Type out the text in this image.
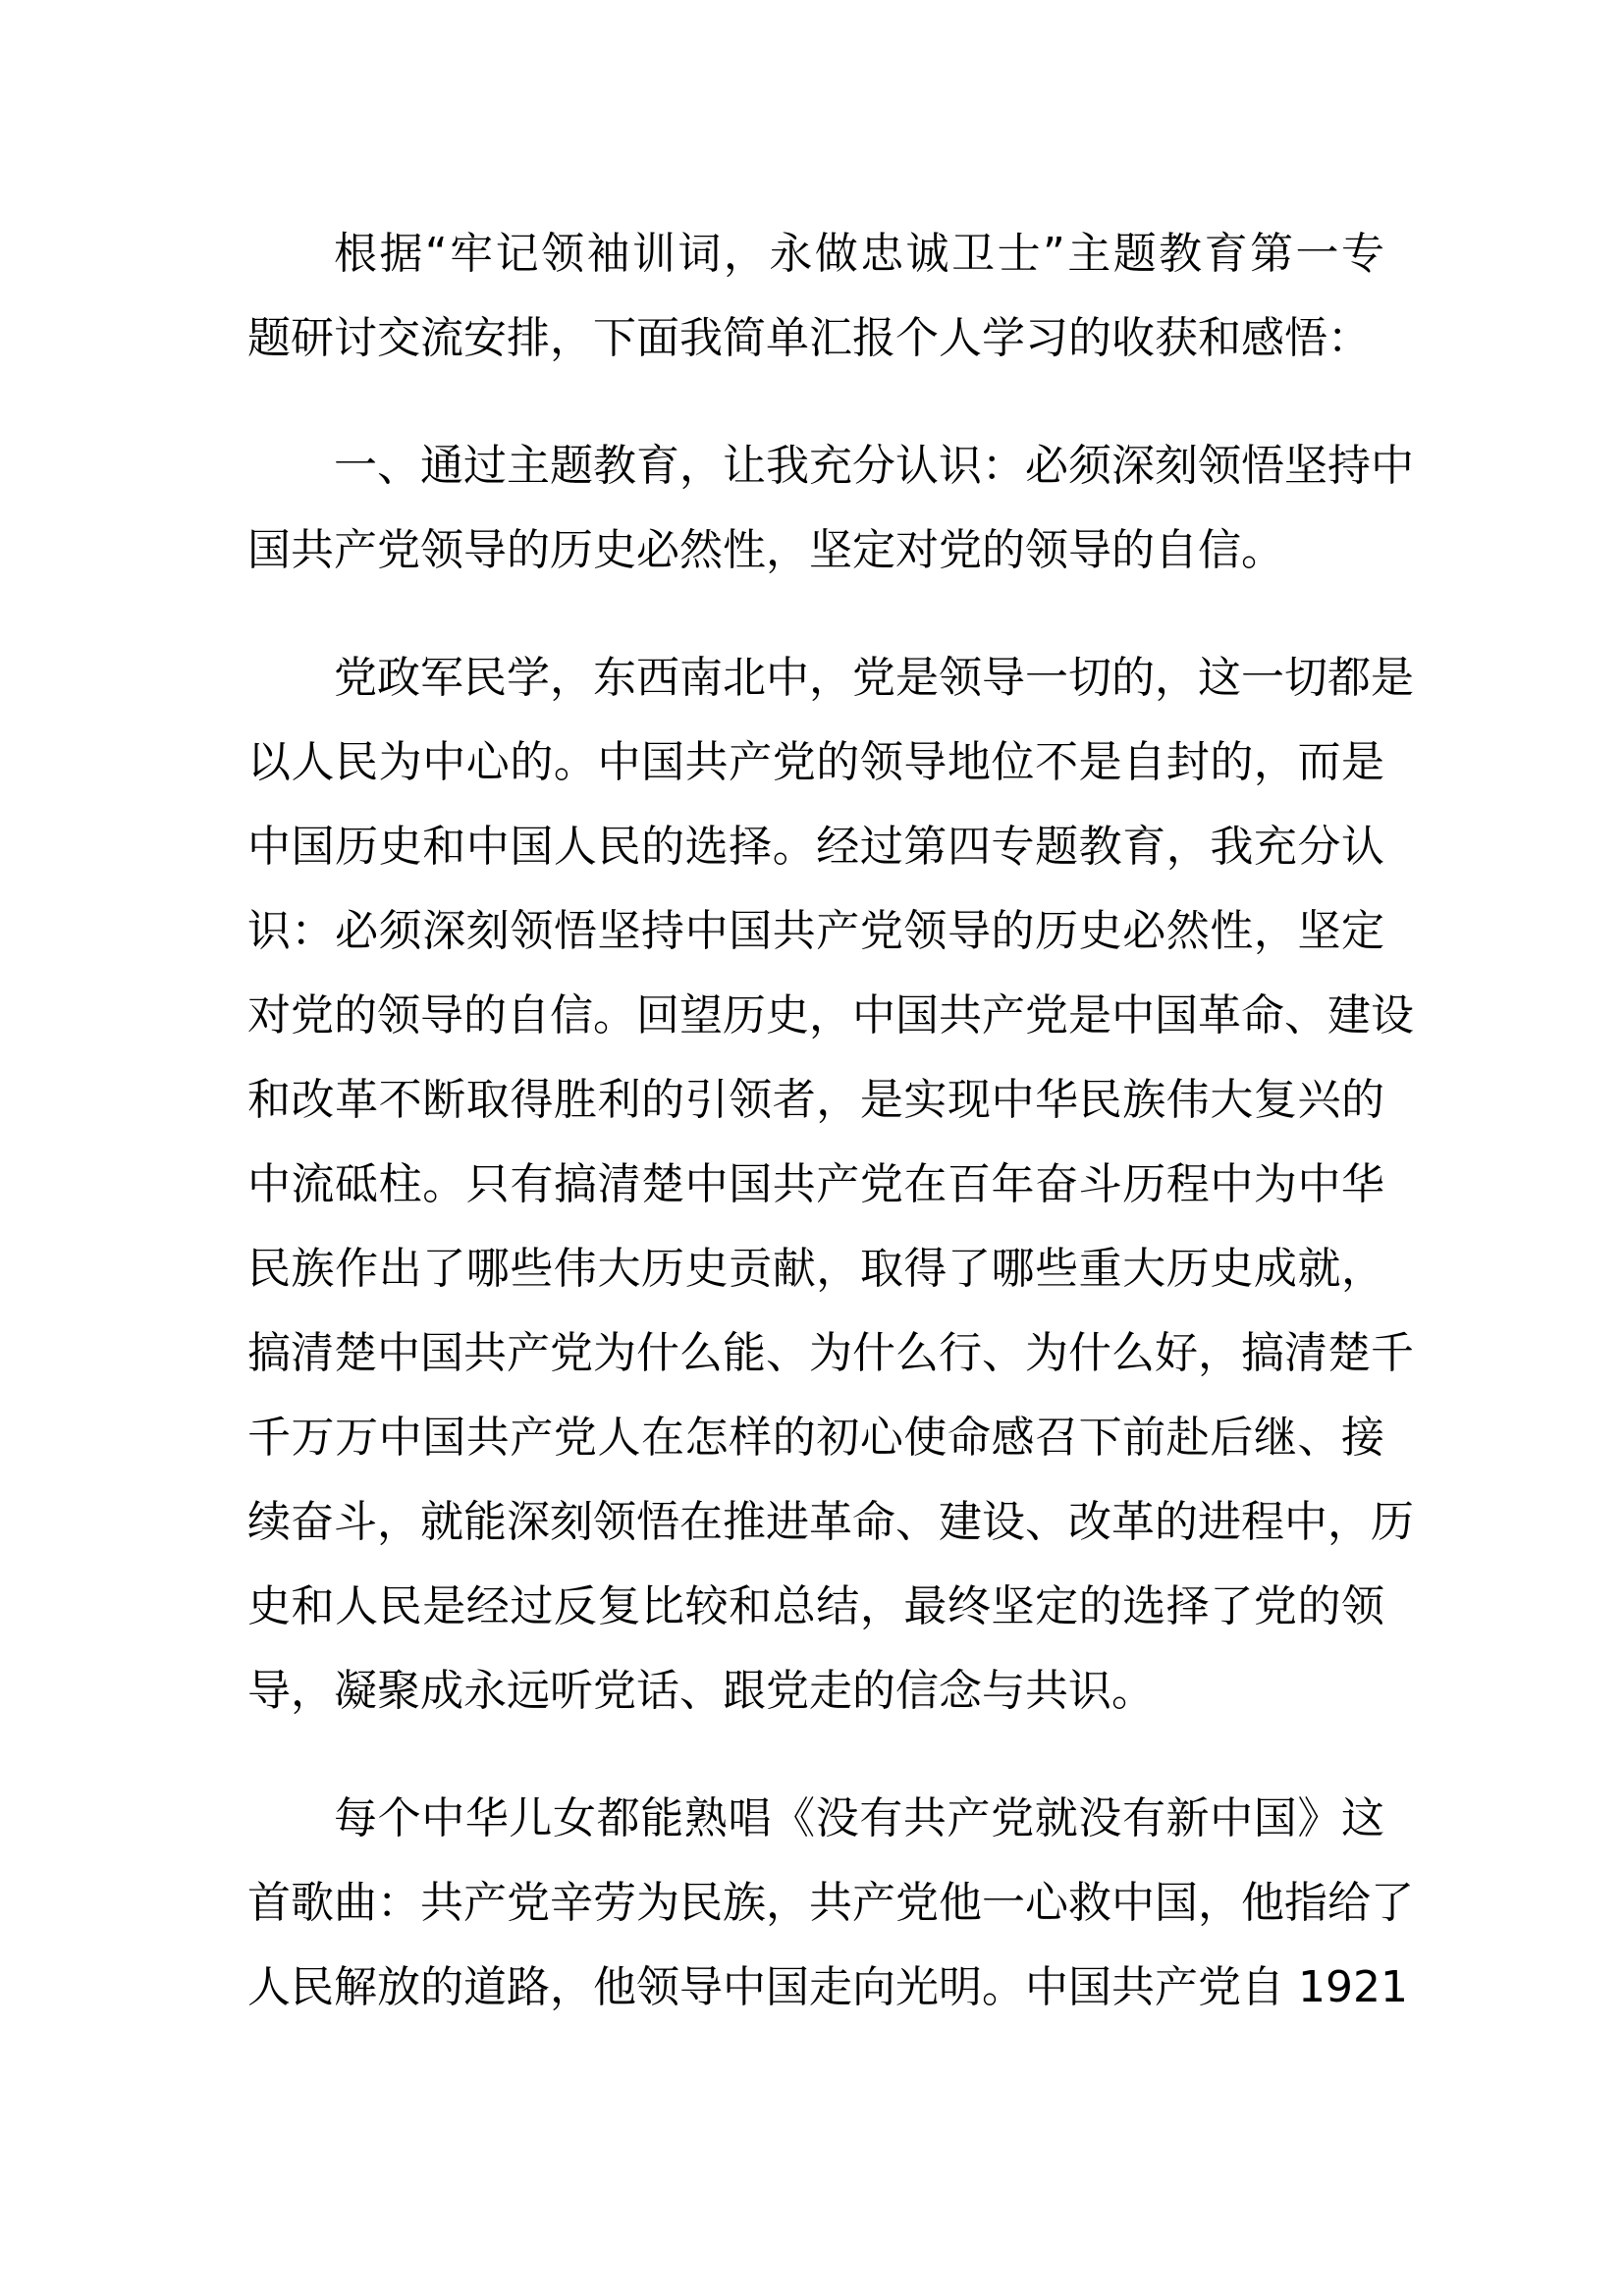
根据“牢记领袖训词，永做忠诚卫士”主题教育第一专
题研讨交流安排，下面我简单汇报个人学习的收获和感悟：
一、通过主题教育，让我充分认识：必须深刻领悟坚持中
国共产党领导的历史必然性，坚定对党的领导的自信。
党政军民学，东西南北中，党是领导一切的，这一切都是
以人民为中心的。中国共产党的领导地位不是自封的，而是
中国历史和中国人民的选择。经过第四专题教育，我充分认
识：必须深刻领悟坚持中国共产党领导的历史必然性，坚定
对党的领导的自信。回望历史，中国共产党是中国革命、建设
和改革不断取得胜利的引领者，是实现中华民族伟大复兴的
中流砥柱。只有搞清楚中国共产党在百年奋斗历程中为中华
民族作出了哪些伟大历史贡献，取得了哪些重大历史成就，
搞清楚中国共产党为什么能、为什么行、为什么好，搞清楚千
千万万中国共产党人在怎样的初心使命感召下前赴后继、接
续奋斗，就能深刻领悟在推进革命、建设、改革的进程中，历
史和人民是经过反复比较和总结，最终坚定的选择了党的领
导，凝聚成永远听党话、跟党走的信念与共识。
每个中华儿女都能熟唱《没有共产党就没有新中国》这
首歌曲：共产党辛劳为民族，共产党他一心救中国，他指给了
人民解放的道路，他领导中国走向光明。中国共产党自 1921
